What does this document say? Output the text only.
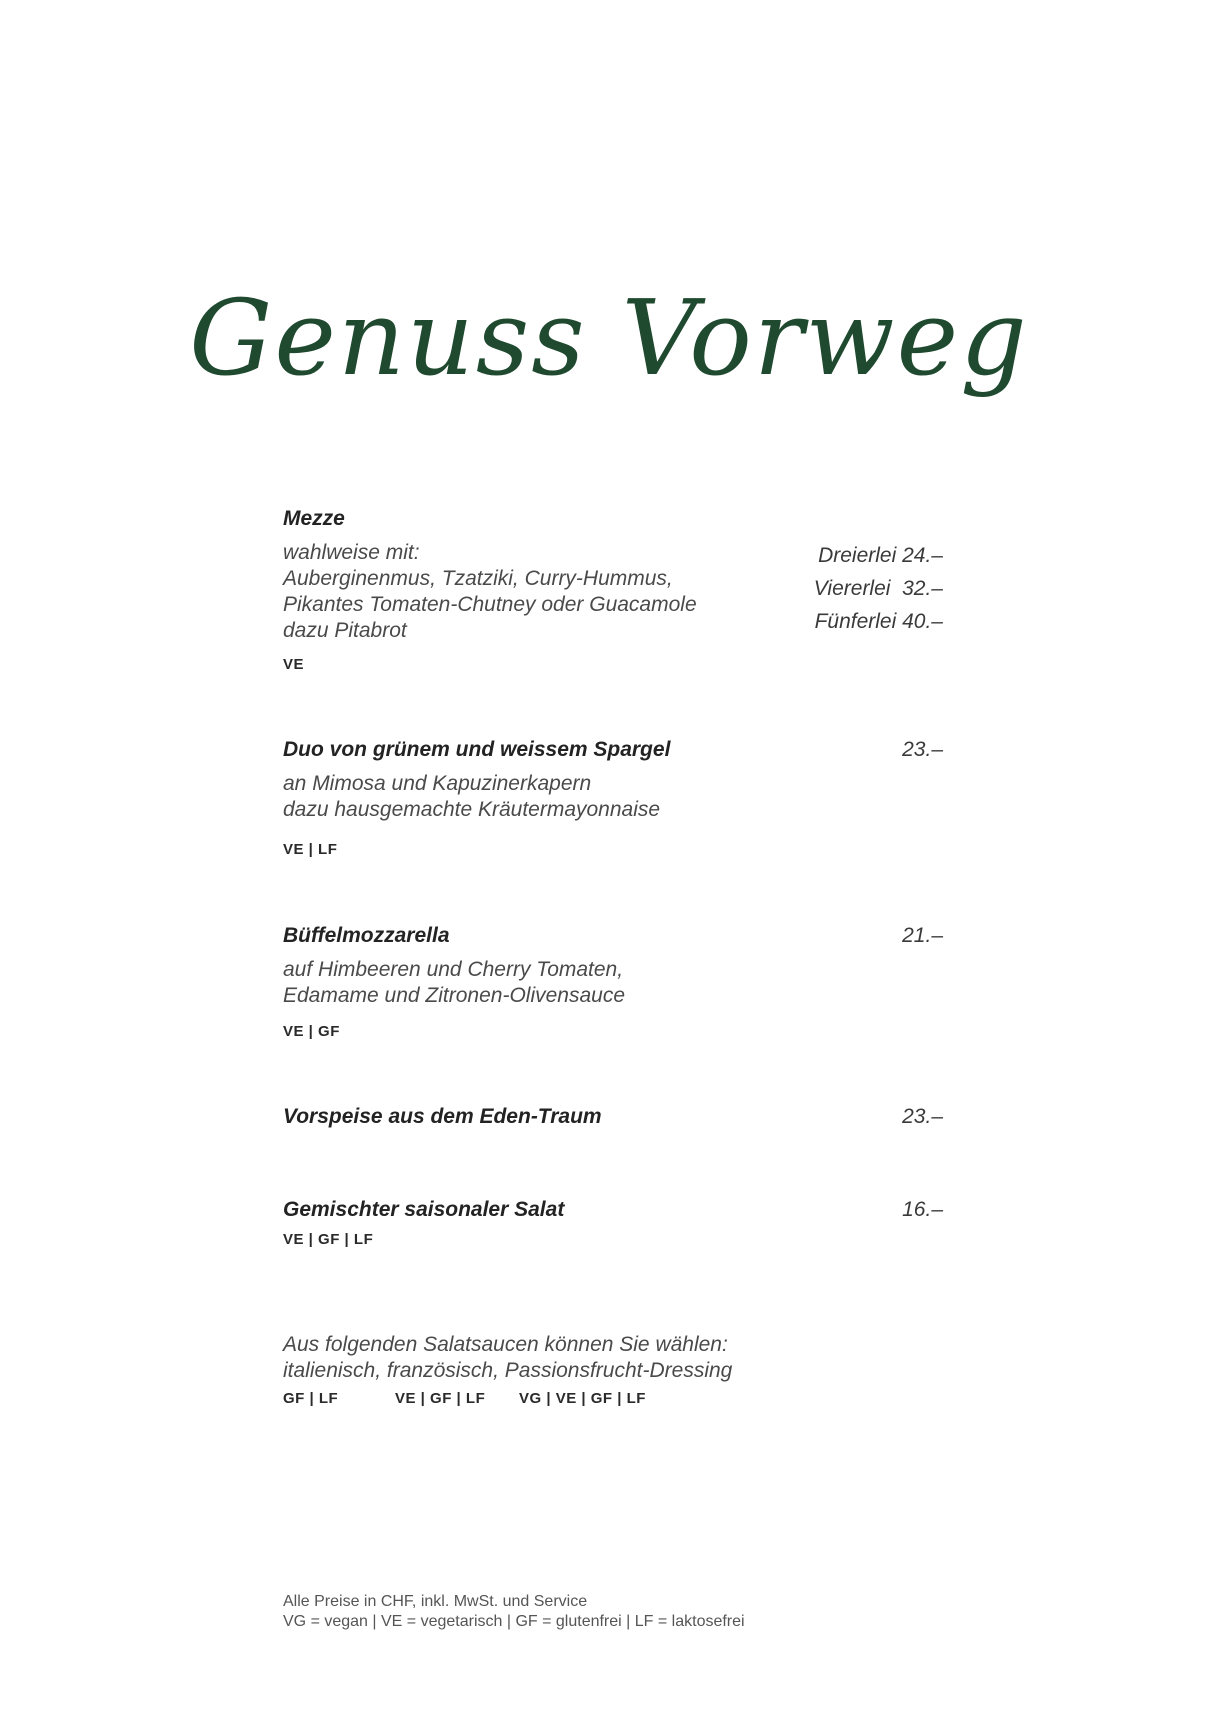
Genuss Vorweg
Mezze
wahlweise mit:
Auberginenmus, Tzatziki, Curry-Hummus,
Pikantes Tomaten-Chutney oder Guacamole
dazu Pitabrot
VE
Dreierlei 24.–
Viererlei  32.–
Fünferlei 40.–
Duo von grünem und weissem Spargel
an Mimosa und Kapuzinerkapern
dazu hausgemachte Kräutermayonnaise
VE | LF
23.–
Büffelmozzarella
auf Himbeeren und Cherry Tomaten,
Edamame und Zitronen-Olivensauce
VE | GF
21.–
Vorspeise aus dem Eden-Traum	23.–
Gemischter saisonaler Salat
VE | GF | LF
16.–
Aus folgenden Salatsaucen können Sie wählen:
italienisch, französisch, Passionsfrucht-Dressing
GF | LF	VE | GF | LF VG | VE | GF | LF
Alle Preise in CHF, inkl. MwSt. und Service
VG = vegan | VE = vegetarisch | GF = glutenfrei | LF = laktosefrei
